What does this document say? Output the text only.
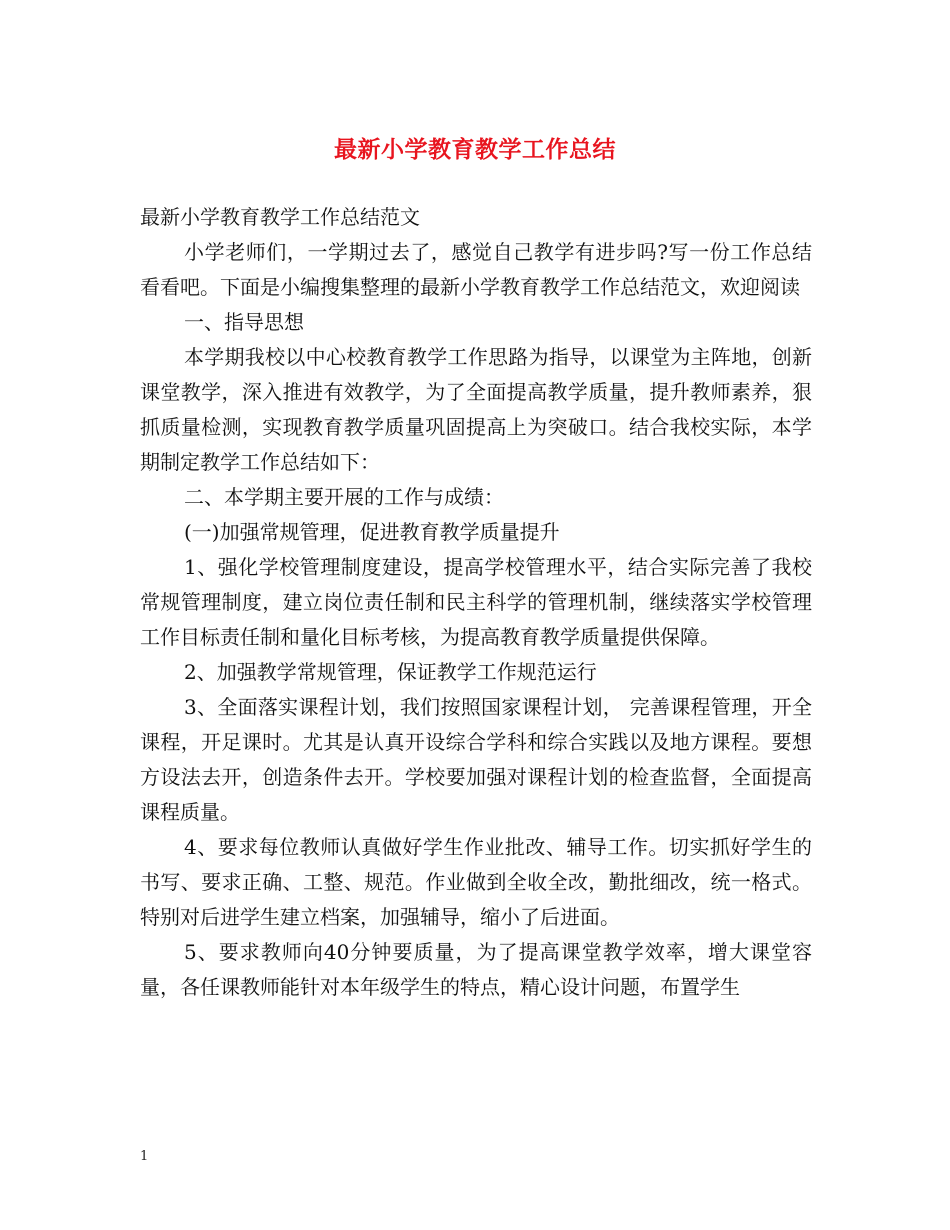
最新小学教育教学工作总结

最新小学教育教学工作总结范文

小学老师们，一学期过去了，感觉自己教学有进步吗?写一份工作总结看看吧。下面是小编搜集整理的最新小学教育教学工作总结范文，欢迎阅读

一、指导思想

本学期我校以中心校教育教学工作思路为指导，以课堂为主阵地，创新课堂教学，深入推进有效教学，为了全面提高教学质量，提升教师素养，狠抓质量检测，实现教育教学质量巩固提高上为突破口。结合我校实际，本学期制定教学工作总结如下：

二、本学期主要开展的工作与成绩：

(一)加强常规管理，促进教育教学质量提升

1、强化学校管理制度建设，提高学校管理水平，结合实际完善了我校常规管理制度，建立岗位责任制和民主科学的管理机制，继续落实学校管理工作目标责任制和量化目标考核，为提高教育教学质量提供保障。

2、加强教学常规管理，保证教学工作规范运行

3、全面落实课程计划，我们按照国家课程计划， 完善课程管理，开全课程，开足课时。尤其是认真开设综合学科和综合实践以及地方课程。要想方设法去开，创造条件去开。学校要加强对课程计划的检查监督，全面提高课程质量。

4、要求每位教师认真做好学生作业批改、辅导工作。切实抓好学生的书写、要求正确、工整、规范。作业做到全收全改，勤批细改，统一格式。特别对后进学生建立档案，加强辅导，缩小了后进面。

5、要求教师向40分钟要质量，为了提高课堂教学效率，增大课堂容量，各任课教师能针对本年级学生的特点，精心设计问题，布置学生

1
